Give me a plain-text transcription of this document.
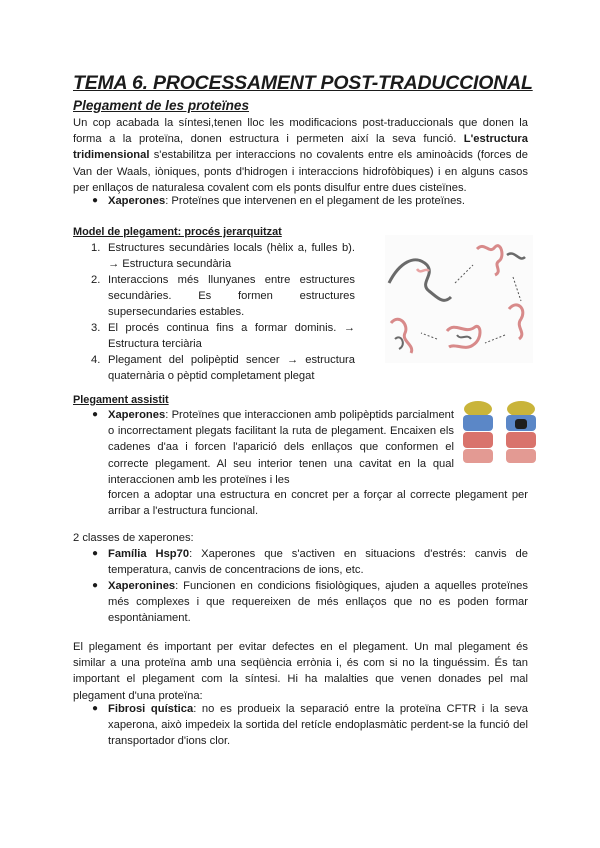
TEMA 6. PROCESSAMENT POST-TRADUCCIONAL
Plegament de les proteïnes
Un cop acabada la síntesi,tenen lloc les modificacions post-traduccionals que donen la forma a la proteïna, donen estructura i permeten així la seva funció. L'estructura tridimensional s'estabilitza per interaccions no covalents entre els aminoàcids (forces de Van der Waals, iòniques, ponts d'hidrogen i interaccions hidrofòbiques) i en alguns casos per enllaços de naturalesa covalent com els ponts disulfur entre dues cisteïnes.
● Xaperones: Proteïnes que intervenen en el plegament de les proteïnes.
Model de plegament: procés jerarquitzat
1. Estructures secundàries locals (hèlix a, fulles b). → Estructura secundària
2. Interaccions més llunyanes entre estructures secundàries. Es formen estructures supersecundaries estables.
3. El procés continua fins a formar dominis. → Estructura terciària
4. Plegament del polipèptid sencer → estructura quaternària o pèptid completament plegat
Plegament assistit
● Xaperones: Proteïnes que interaccionen amb polipèptids parcialment o incorrectament plegats facilitant la ruta de plegament. Encaixen els cadenes d'aa i forcen l'aparició dels enllaços que conformen el correcte plegament. Al seu interior tenen una cavitat en la qual interaccionen amb les proteïnes i les
forcen a adoptar una estructura en concret per a forçar al correcte plegament per arribar a l'estructura funcional.
2 classes de xaperones:
● Família Hsp70: Xaperones que s'activen en situacions d'estrés: canvis de temperatura, canvis de concentracions de ions, etc.
● Xaperonines: Funcionen en condicions fisiològiques, ajuden a aquelles proteïnes més complexes i que requereixen de més enllaços que no es poden formar espontàniament.
El plegament és important per evitar defectes en el plegament. Un mal plegament és similar a una proteïna amb una seqüència errònia i, és com si no la tinguéssim. És tan important el plegament com la síntesi. Hi ha malalties que venen donades pel mal plegament d'una proteïna:
● Fibrosi quística: no es produeix la separació entre la proteïna CFTR i la seva xaperona, això impedeix la sortida del retícle endoplasmàtic perdent-se la funció del transportador d'ions clor.
